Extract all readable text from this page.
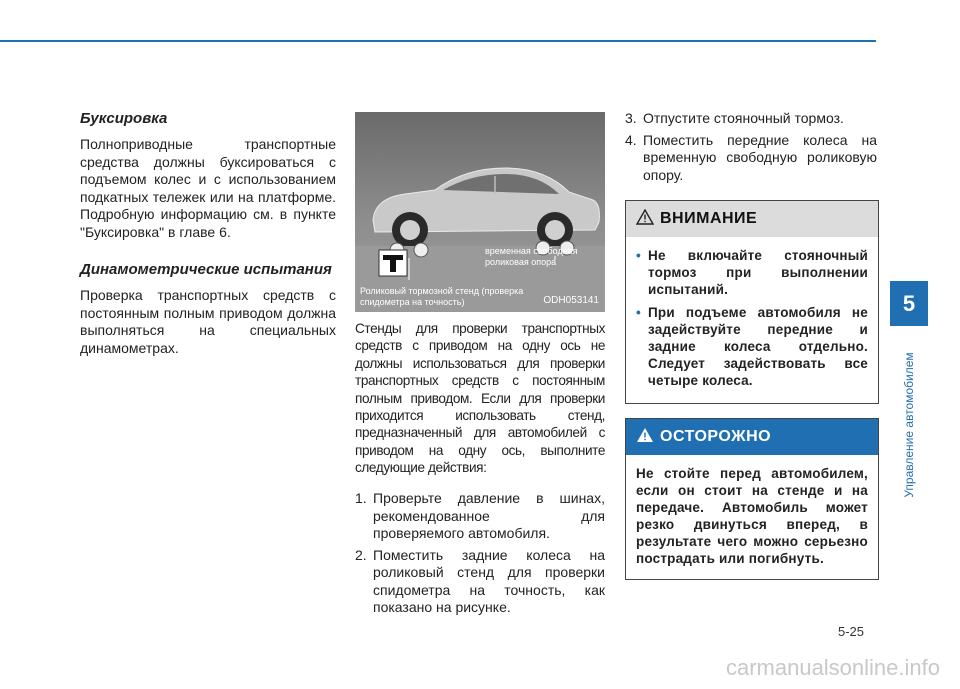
Буксировка

Полноприводные транспортные средства должны буксироваться с подъемом колес и с использованием подкатных тележек или на платформе. Подробную информацию см. в пункте "Буксировка" в главе 6.

Динамометрические испытания

Проверка транспортных средств с постоянным полным приводом должна выполняться на специальных динамометрах.

временная свободная роликовая опора
Роликовый тормозной стенд (проверка спидометра на точность)	ODH053141

Стенды для проверки транспортных средств с приводом на одну ось не должны использоваться для проверки транспортных средств с постоянным полным приводом. Если для проверки приходится использовать стенд, предназначенный для автомобилей с приводом на одну ось, выполните следующие действия:

1. Проверьте давление в шинах, рекомендованное для проверяемого автомобиля.
2. Поместить задние колеса на роликовый стенд для проверки спидометра на точность, как показано на рисунке.
3. Отпустите стояночный тормоз.
4. Поместить передние колеса на временную свободную роликовую опору.
ВНИМАНИЕ
• Не включайте стояночный тормоз при выполнении испытаний.
• При подъеме автомобиля не задействуйте передние и задние колеса отдельно. Следует задействовать все четыре колеса.
ОСТОРОЖНО
Не стойте перед автомобилем, если он стоит на стенде и на передаче. Автомобиль может резко двинуться вперед, в результате чего можно серьезно пострадать или погибнуть.
5
Управление автомобилем
5-25
carmanualsonline.info
